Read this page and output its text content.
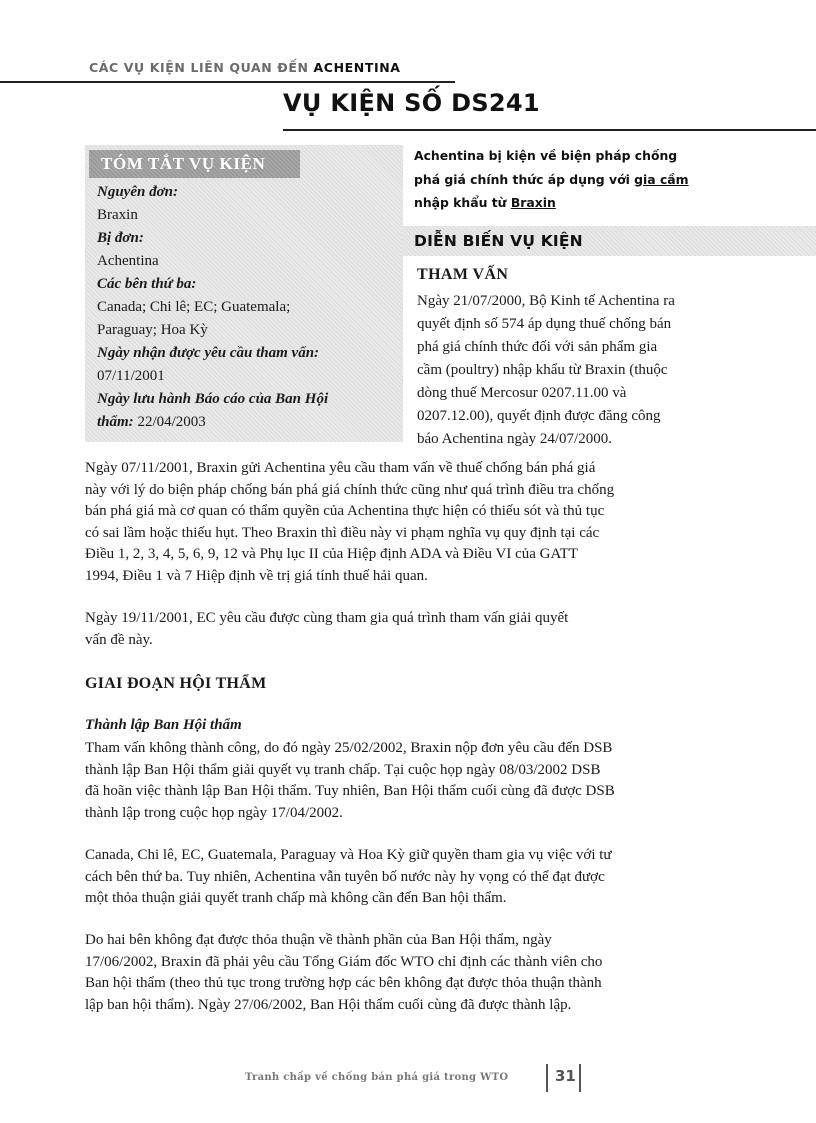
CÁC VỤ KIỆN LIÊN QUAN ĐẾN ACHENTINA
VỤ KIỆN SỐ DS241
TÓM TẮT VỤ KIỆN
Nguyên đơn:
Braxin
Bị đơn:
Achentina
Các bên thứ ba:
Canada; Chi lê; EC; Guatemala;
Paraguay; Hoa Kỳ
Ngày nhận được yêu cầu tham vấn:
07/11/2001
Ngày lưu hành Báo cáo của Ban Hội
thẩm: 22/04/2003
Achentina bị kiện về biện pháp chống
phá giá chính thức áp dụng với gia cầm
nhập khẩu từ Braxin
DIỄN BIẾN VỤ KIỆN
THAM VẤN
Ngày 21/07/2000, Bộ Kinh tế Achentina ra
quyết định số 574 áp dụng thuế chống bán
phá giá chính thức đối với sản phẩm gia
cầm (poultry) nhập khẩu từ Braxin (thuộc
dòng thuế Mercosur 0207.11.00 và
0207.12.00), quyết định được đăng công
báo Achentina ngày 24/07/2000.
Ngày 07/11/2001, Braxin gửi Achentina yêu cầu tham vấn về thuế chống bán phá giá
này với lý do biện pháp chống bán phá giá chính thức cũng như quá trình điều tra chống
bán phá giá mà cơ quan có thẩm quyền của Achentina thực hiện có thiếu sót và thủ tục
có sai lầm hoặc thiếu hụt. Theo Braxin thì điều này vi phạm nghĩa vụ quy định tại các
Điều 1, 2, 3, 4, 5, 6, 9, 12 và Phụ lục II của Hiệp định ADA và Điều VI của GATT
1994, Điều 1 và 7 Hiệp định về trị giá tính thuế hải quan.
Ngày 19/11/2001, EC yêu cầu được cùng tham gia quá trình tham vấn giải quyết
vấn đề này.
GIAI ĐOẠN HỘI THẨM
Thành lập Ban Hội thẩm
Tham vấn không thành công, do đó ngày 25/02/2002, Braxin nộp đơn yêu cầu đến DSB
thành lập Ban Hội thẩm giải quyết vụ tranh chấp. Tại cuộc họp ngày 08/03/2002 DSB
đã hoãn việc thành lập Ban Hội thẩm. Tuy nhiên, Ban Hội thẩm cuối cùng đã được DSB
thành lập trong cuộc họp ngày 17/04/2002.
Canada, Chi lê, EC, Guatemala, Paraguay và Hoa Kỳ giữ quyền tham gia vụ việc với tư
cách bên thứ ba. Tuy nhiên, Achentina vẫn tuyên bố nước này hy vọng có thể đạt được
một thỏa thuận giải quyết tranh chấp mà không cần đến Ban hội thẩm.
Do hai bên không đạt được thỏa thuận về thành phần của Ban Hội thẩm, ngày
17/06/2002, Braxin đã phải yêu cầu Tổng Giám đốc WTO chỉ định các thành viên cho
Ban hội thẩm (theo thủ tục trong trường hợp các bên không đạt được thỏa thuận thành
lập ban hội thẩm). Ngày 27/06/2002, Ban Hội thẩm cuối cùng đã được thành lập.
Tranh chấp về chống bán phá giá trong WTO	31
